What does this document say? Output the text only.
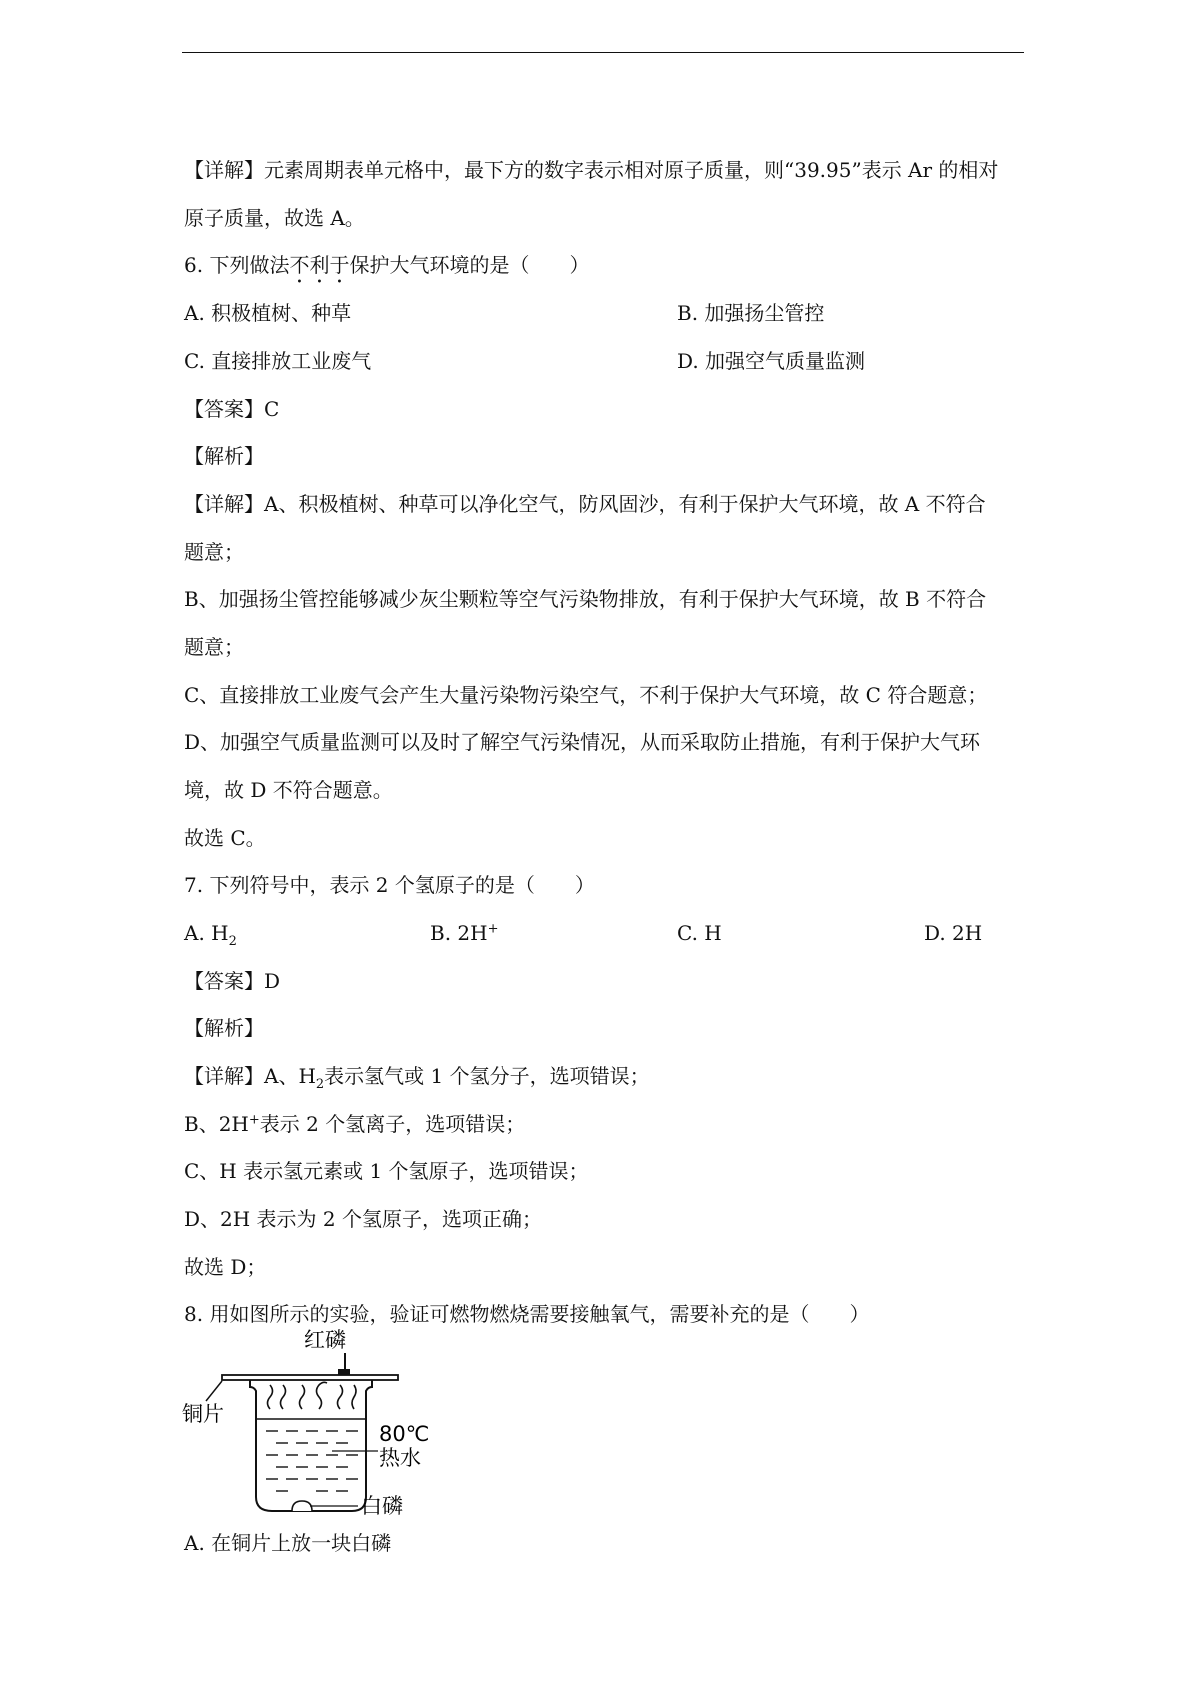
【详解】元素周期表单元格中，最下方的数字表示相对原子质量，则“39.95”表示 Ar 的相对
原子质量，故选 A。
6. 下列做法不利于保护大气环境的是（　　）
A. 积极植树、种草	B. 加强扬尘管控
C. 直接排放工业废气	D. 加强空气质量监测
【答案】C
【解析】
【详解】A、积极植树、种草可以净化空气，防风固沙，有利于保护大气环境，故 A 不符合
题意；
B、加强扬尘管控能够减少灰尘颗粒等空气污染物排放，有利于保护大气环境，故 B 不符合
题意；
C、直接排放工业废气会产生大量污染物污染空气，不利于保护大气环境，故 C 符合题意；
D、加强空气质量监测可以及时了解空气污染情况，从而采取防止措施，有利于保护大气环
境，故 D 不符合题意。
故选 C。
7. 下列符号中，表示 2 个氢原子的是（　　）
A. $H_2$	B. 2H+	C. H	D. 2H
【答案】D
【解析】
【详解】A、$H_2$表示氢气或 1 个氢分子，选项错误；
B、2H+表示 2 个氢离子，选项错误；
C、H 表示氢元素或 1 个氢原子，选项错误；
D、2H 表示为 2 个氢原子，选项正确；
故选 D；
8. 用如图所示的实验，验证可燃物燃烧需要接触氧气，需要补充的是（　　）
红磷
铜片
80℃
热水
白磷
A. 在铜片上放一块白磷
